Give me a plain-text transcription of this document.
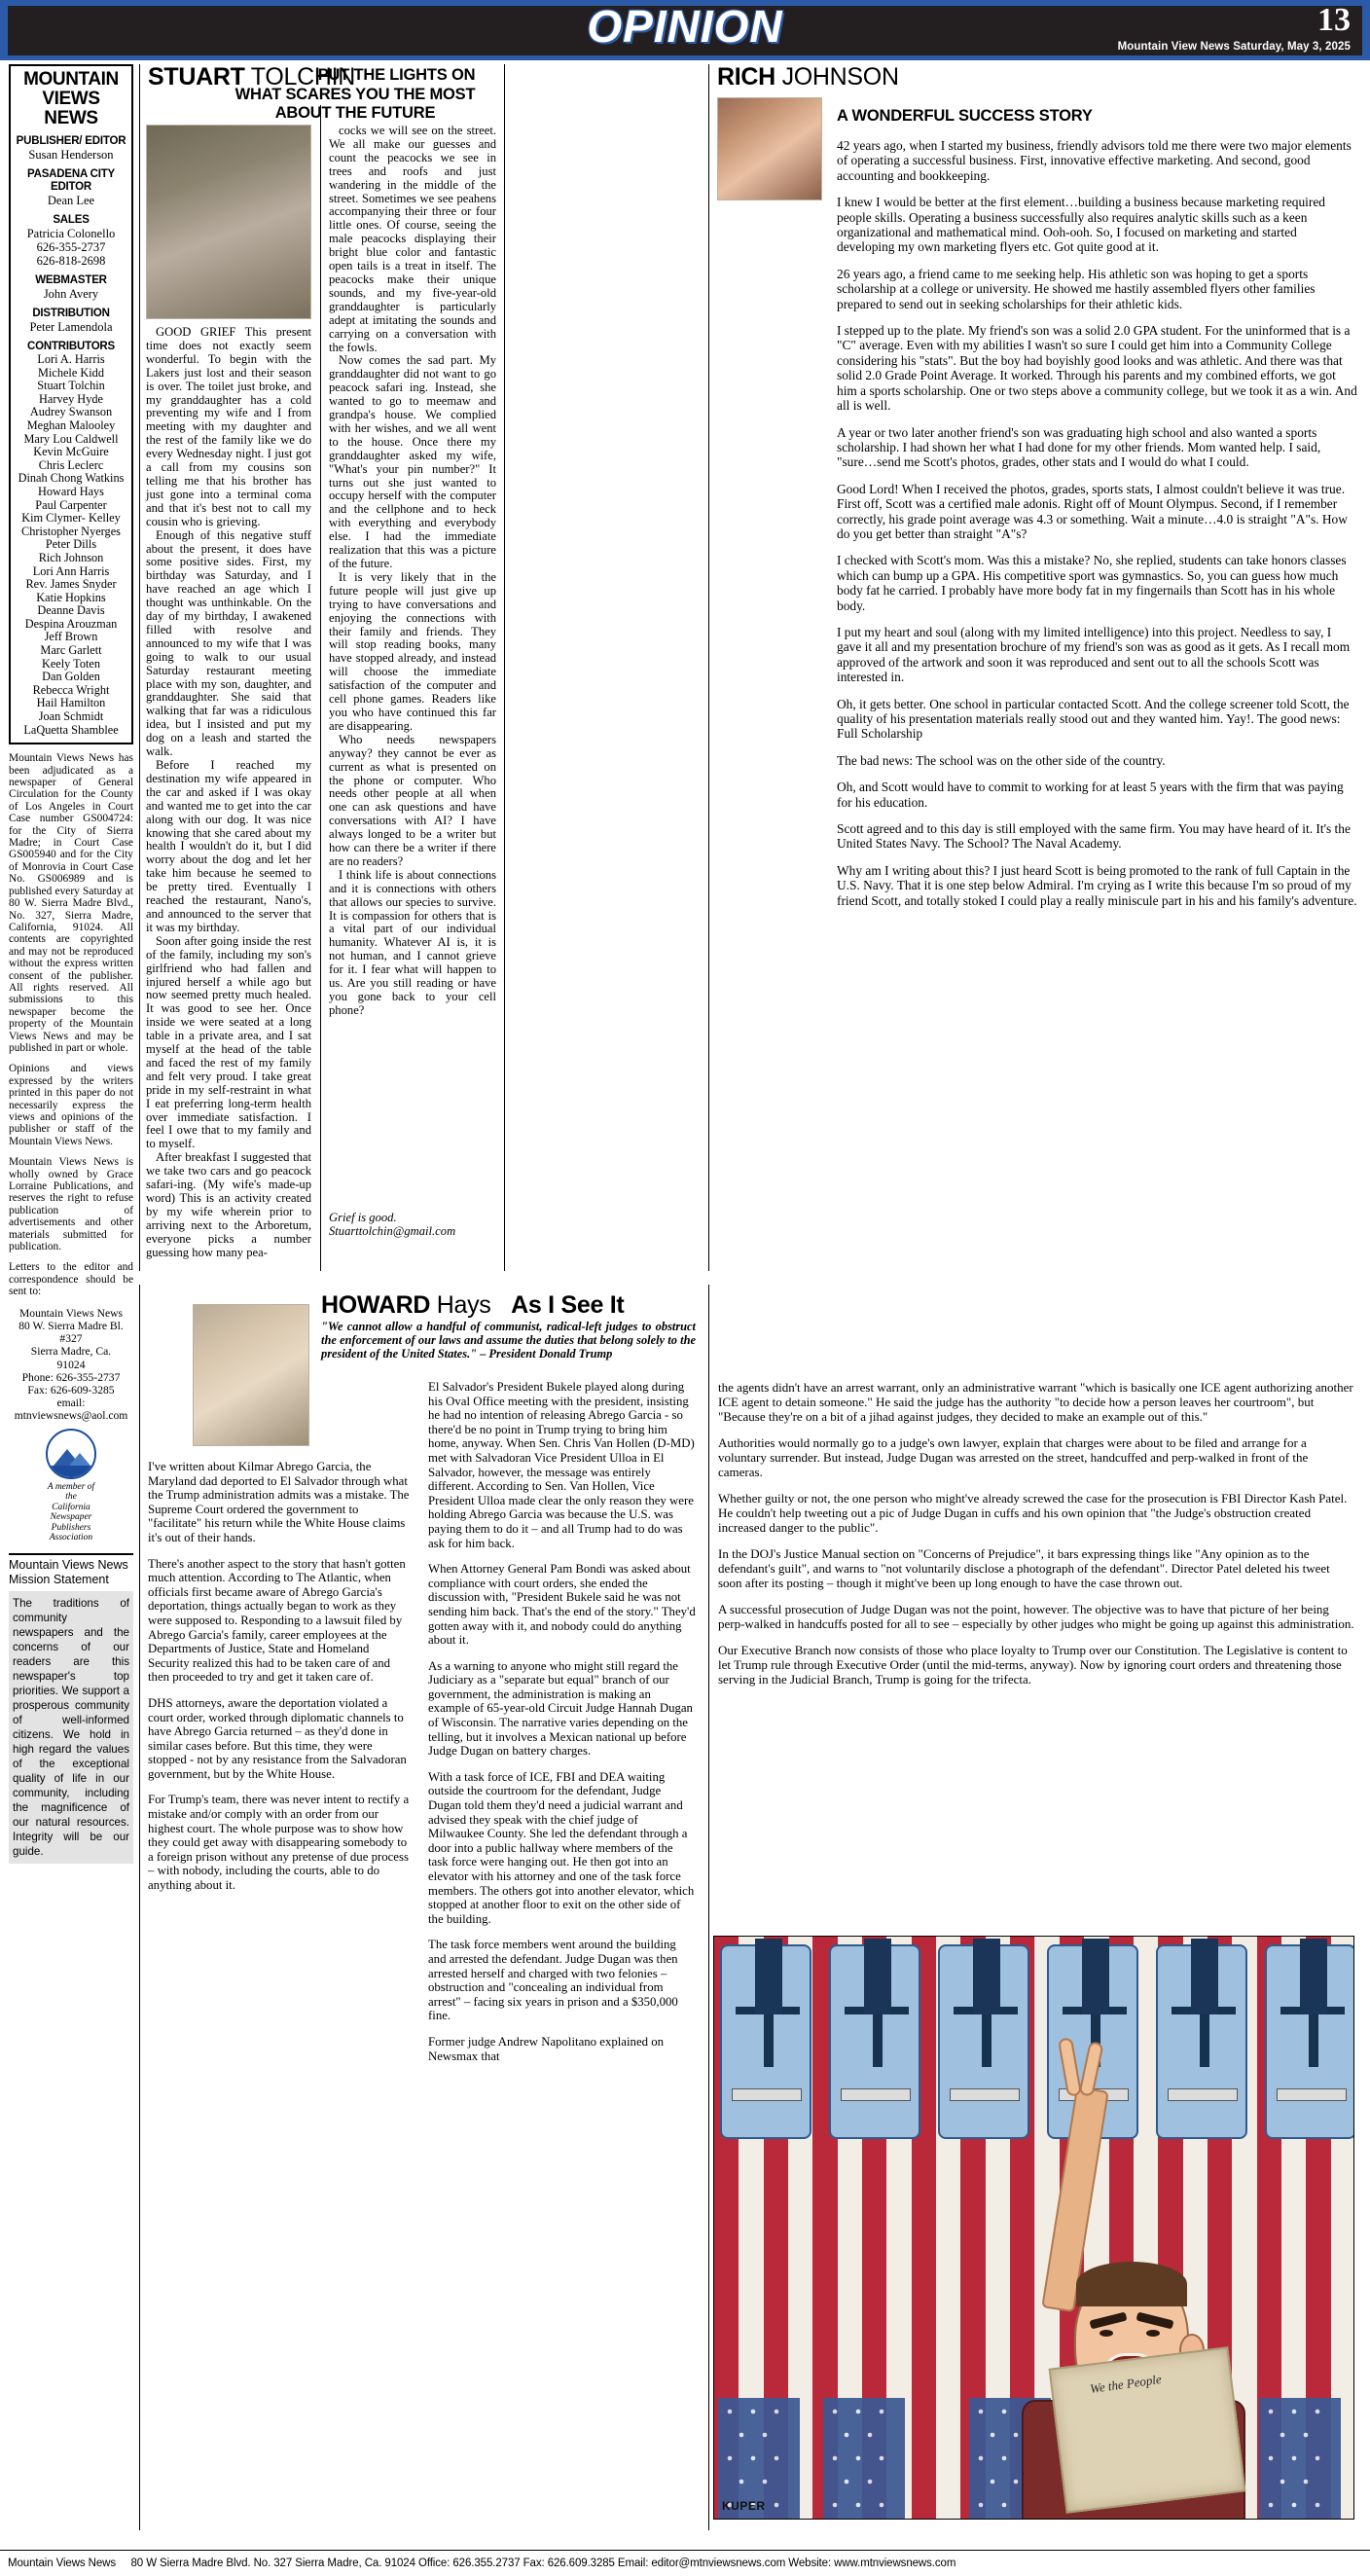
OPINION	13
Mountain View News Saturday, May 3, 2025
MOUNTAIN VIEWS NEWS
PUBLISHER/ EDITOR
Susan Henderson
PASADENA CITY EDITOR
Dean Lee
SALES
Patricia Colonello
626-355-2737
626-818-2698
WEBMASTER
John Avery
DISTRIBUTION
Peter Lamendola
CONTRIBUTORS
Lori A. Harris
Michele Kidd
Stuart Tolchin
Harvey Hyde
Audrey Swanson
Meghan Malooley
Mary Lou Caldwell
Kevin McGuire
Chris Leclerc
Dinah Chong Watkins
Howard Hays
Paul Carpenter
Kim Clymer- Kelley
Christopher Nyerges
Peter Dills
Rich Johnson
Lori Ann Harris
Rev. James Snyder
Katie Hopkins
Deanne Davis
Despina Arouzman
Jeff Brown
Marc Garlett
Keely Toten
Dan Golden
Rebecca Wright
Hail Hamilton
Joan Schmidt
LaQuetta Shamblee

Mountain Views News has been adjudicated as a newspaper of General Circulation for the County of Los Angeles in Court Case number GS004724: for the City of Sierra Madre; in Court Case GS005940 and for the City of Monrovia in Court Case No. GS006989 and is published every Saturday at 80 W. Sierra Madre Blvd., No. 327, Sierra Madre, California, 91024. All contents are copyrighted and may not be reproduced without the express written consent of the publisher. All rights reserved. All submissions to this newspaper become the property of the Mountain Views News and may be published in part or whole.

Opinions and views expressed by the writers printed in this paper do not necessarily express the views and opinions of the publisher or staff of the Mountain Views News.

Mountain Views News is wholly owned by Grace Lorraine Publications, and reserves the right to refuse publication of advertisements and other materials submitted for publication.

Letters to the editor and correspondence should be sent to:

Mountain Views News
80 W. Sierra Madre Bl.
#327
Sierra Madre, Ca.
91024
Phone: 626-355-2737
Fax: 626-609-3285
email:
mtnviewsnews@aol.com
A member of
the
California
Newspaper
Publishers
Association
Mountain Views News
Mission Statement
The traditions of community newspapers and the concerns of our readers are this newspaper's top priorities. We support a prosperous community of well-informed citizens. We hold in high regard the values of the exceptional quality of life in our community, including the magnificence of our natural resources. Integrity will be our guide.
STUART TOLCHIN
PUT THE LIGHTS ON
WHAT SCARES YOU THE MOST
ABOUT THE FUTURE

GOOD GRIEF This present time does not exactly seem wonderful. To begin with the Lakers just lost and their season is over. The toilet just broke, and my granddaughter has a cold preventing my wife and I from meeting with my daughter and the rest of the family like we do every Wednesday night. I just got a call from my cousins son telling me that his brother has just gone into a terminal coma and that it's best not to call my cousin who is grieving.

Enough of this negative stuff about the present, it does have some positive sides. First, my birthday was Saturday, and I have reached an age which I thought was unthinkable. On the day of my birthday, I awakened filled with resolve and announced to my wife that I was going to walk to our usual Saturday restaurant meeting place with my son, daughter, and granddaughter. She said that walking that far was a ridiculous idea, but I insisted and put my dog on a leash and started the walk.

Before I reached my destination my wife appeared in the car and asked if I was okay and wanted me to get into the car along with our dog. It was nice knowing that she cared about my health I wouldn't do it, but I did worry about the dog and let her take him because he seemed to be pretty tired. Eventually I reached the restaurant, Nano's, and announced to the server that it was my birthday.

Soon after going inside the rest of the family, including my son's girlfriend who had fallen and injured herself a while ago but now seemed pretty much healed. It was good to see her. Once inside we were seated at a long table in a private area, and I sat myself at the head of the table and faced the rest of my family and felt very proud. I take great pride in my self-restraint in what I eat preferring long-term health over immediate satisfaction. I feel I owe that to my family and to myself.

After breakfast I suggested that we take two cars and go peacock safari-ing. (My wife's made-up word) This is an activity created by my wife wherein prior to arriving next to the Arboretum, everyone picks a number guessing how many pea-

cocks we will see on the street. We all make our guesses and count the peacocks we see in trees and roofs and just wandering in the middle of the street. Sometimes we see peahens accompanying their three or four little ones. Of course, seeing the male peacocks displaying their bright blue color and fantastic open tails is a treat in itself. The peacocks make their unique sounds, and my five-year-old granddaughter is particularly adept at imitating the sounds and carrying on a conversation with the fowls.

Now comes the sad part. My granddaughter did not want to go peacock safari ing. Instead, she wanted to go to meemaw and grandpa's house. We complied with her wishes, and we all went to the house. Once there my granddaughter asked my wife, "What's your pin number?" It turns out she just wanted to occupy herself with the computer and the cellphone and to heck with everything and everybody else. I had the immediate realization that this was a picture of the future.

It is very likely that in the future people will just give up trying to have conversations and enjoying the connections with their family and friends. They will stop reading books, many have stopped already, and instead will choose the immediate satisfaction of the computer and cell phone games. Readers like you who have continued this far are disappearing.

Who needs newspapers anyway? they cannot be ever as current as what is presented on the phone or computer. Who needs other people at all when one can ask questions and have conversations with AI? I have always longed to be a writer but how can there be a writer if there are no readers?

I think life is about connections and it is connections with others that allows our species to survive. It is compassion for others that is a vital part of our individual humanity. Whatever AI is, it is not human, and I cannot grieve for it. I fear what will happen to us. Are you still reading or have you gone back to your cell phone?

Grief is good.

Stuarttolchin@gmail.com

RICH JOHNSON
A WONDERFUL SUCCESS STORY

42 years ago, when I started my business, friendly advisors told me there were two major elements of operating a successful business. First, innovative effective marketing. And second, good accounting and bookkeeping.

I knew I would be better at the first element…building a business because marketing required people skills. Operating a business successfully also requires analytic skills such as a keen organizational and mathematical mind. Ooh-ooh. So, I focused on marketing and started developing my own marketing flyers etc. Got quite good at it.

26 years ago, a friend came to me seeking help. His athletic son was hoping to get a sports scholarship at a college or university. He showed me hastily assembled flyers other families prepared to send out in seeking scholarships for their athletic kids.

I stepped up to the plate. My friend's son was a solid 2.0 GPA student. For the uninformed that is a "C" average. Even with my abilities I wasn't so sure I could get him into a Community College considering his "stats". But the boy had boyishly good looks and was athletic. And there was that solid 2.0 Grade Point Average. It worked. Through his parents and my combined efforts, we got him a sports scholarship. One or two steps above a community college, but we took it as a win. And all is well.

A year or two later another friend's son was graduating high school and also wanted a sports scholarship. I had shown her what I had done for my other friends. Mom wanted help. I said, "sure…send me Scott's photos, grades, other stats and I would do what I could.

Good Lord! When I received the photos, grades, sports stats, I almost couldn't believe it was true. First off, Scott was a certified male adonis. Right off of Mount Olympus. Second, if I remember correctly, his grade point average was 4.3 or something. Wait a minute…4.0 is straight "A"s. How do you get better than straight "A"s?

I checked with Scott's mom. Was this a mistake? No, she replied, students can take honors classes which can bump up a GPA. His competitive sport was gymnastics. So, you can guess how much body fat he carried. I probably have more body fat in my fingernails than Scott has in his whole body.

I put my heart and soul (along with my limited intelligence) into this project. Needless to say, I gave it all and my presentation brochure of my friend's son was as good as it gets. As I recall mom approved of the artwork and soon it was reproduced and sent out to all the schools Scott was interested in.

Oh, it gets better. One school in particular contacted Scott. And the college screener told Scott, the quality of his presentation materials really stood out and they wanted him. Yay!. The good news: Full Scholarship

The bad news: The school was on the other side of the country.

Oh, and Scott would have to commit to working for at least 5 years with the firm that was paying for his education.

Scott agreed and to this day is still employed with the same firm. You may have heard of it. It's the United States Navy. The School? The Naval Academy.

Why am I writing about this? I just heard Scott is being promoted to the rank of full Captain in the U.S. Navy. That it is one step below Admiral. I'm crying as I write this because I'm so proud of my friend Scott, and totally stoked I could play a really miniscule part in his and his family's adventure.

HOWARD Hays As I See It
"We cannot allow a handful of communist, radical-left judges to obstruct the enforcement of our laws and assume the duties that belong solely to the president of the United States." – President Donald Trump

I've written about Kilmar Abrego Garcia, the Maryland dad deported to El Salvador through what the Trump administration admits was a mistake. The Supreme Court ordered the government to "facilitate" his return while the White House claims it's out of their hands.

There's another aspect to the story that hasn't gotten much attention. According to The Atlantic, when officials first became aware of Abrego Garcia's deportation, things actually began to work as they were supposed to. Responding to a lawsuit filed by Abrego Garcia's family, career employees at the Departments of Justice, State and Homeland Security realized this had to be taken care of and then proceeded to try and get it taken care of.

DHS attorneys, aware the deportation violated a court order, worked through diplomatic channels to have Abrego Garcia returned – as they'd done in similar cases before. But this time, they were stopped - not by any resistance from the Salvadoran government, but by the White House.

For Trump's team, there was never intent to rectify a mistake and/or comply with an order from our highest court. The whole purpose was to show how they could get away with disappearing somebody to a foreign prison without any pretense of due process – with nobody, including the courts, able to do anything about it.

El Salvador's President Bukele played along during his Oval Office meeting with the president, insisting he had no intention of releasing Abrego Garcia - so there'd be no point in Trump trying to bring him home, anyway. When Sen. Chris Van Hollen (D-MD) met with Salvadoran Vice President Ulloa in El Salvador, however, the message was entirely different. According to Sen. Van Hollen, Vice President Ulloa made clear the only reason they were holding Abrego Garcia was because the U.S. was paying them to do it – and all Trump had to do was ask for him back.

When Attorney General Pam Bondi was asked about compliance with court orders, she ended the discussion with, "President Bukele said he was not sending him back. That's the end of the story." They'd gotten away with it, and nobody could do anything about it.

As a warning to anyone who might still regard the Judiciary as a "separate but equal" branch of our government, the administration is making an example of 65-year-old Circuit Judge Hannah Dugan of Wisconsin. The narrative varies depending on the telling, but it involves a Mexican national up before Judge Dugan on battery charges.

With a task force of ICE, FBI and DEA waiting outside the courtroom for the defendant, Judge Dugan told them they'd need a judicial warrant and advised they speak with the chief judge of Milwaukee County. She led the defendant through a door into a public hallway where members of the task force were hanging out. He then got into an elevator with his attorney and one of the task force members. The others got into another elevator, which stopped at another floor to exit on the other side of the building.

The task force members went around the building and arrested the defendant. Judge Dugan was then arrested herself and charged with two felonies – obstruction and "concealing an individual from arrest" – facing six years in prison and a $350,000 fine.

Former judge Andrew Napolitano explained on Newsmax that

the agents didn't have an arrest warrant, only an administrative warrant "which is basically one ICE agent authorizing another ICE agent to detain someone." He said the judge has the authority "to decide how a person leaves her courtroom", but "Because they're on a bit of a jihad against judges, they decided to make an example out of this."

Authorities would normally go to a judge's own lawyer, explain that charges were about to be filed and arrange for a voluntary surrender. But instead, Judge Dugan was arrested on the street, handcuffed and perp-walked in front of the cameras.

Whether guilty or not, the one person who might've already screwed the case for the prosecution is FBI Director Kash Patel. He couldn't help tweeting out a pic of Judge Dugan in cuffs and his own opinion that "the Judge's obstruction created increased danger to the public".

In the DOJ's Justice Manual section on "Concerns of Prejudice", it bars expressing things like "Any opinion as to the defendant's guilt", and warns to "not voluntarily disclose a photograph of the defendant". Director Patel deleted his tweet soon after its posting – though it might've been up long enough to have the case thrown out.

A successful prosecution of Judge Dugan was not the point, however. The objective was to have that picture of her being perp-walked in handcuffs posted for all to see – especially by other judges who might be going up against this administration.

Our Executive Branch now consists of those who place loyalty to Trump over our Constitution. The Legislative is content to let Trump rule through Executive Order (until the mid-terms, anyway). Now by ignoring court orders and threatening those serving in the Judicial Branch, Trump is going for the trifecta.

We the People
KUPER
Mountain Views News 80 W Sierra Madre Blvd. No. 327 Sierra Madre, Ca. 91024 Office: 626.355.2737 Fax: 626.609.3285 Email: editor@mtnviewsnews.com Website: www.mtnviewsnews.com
